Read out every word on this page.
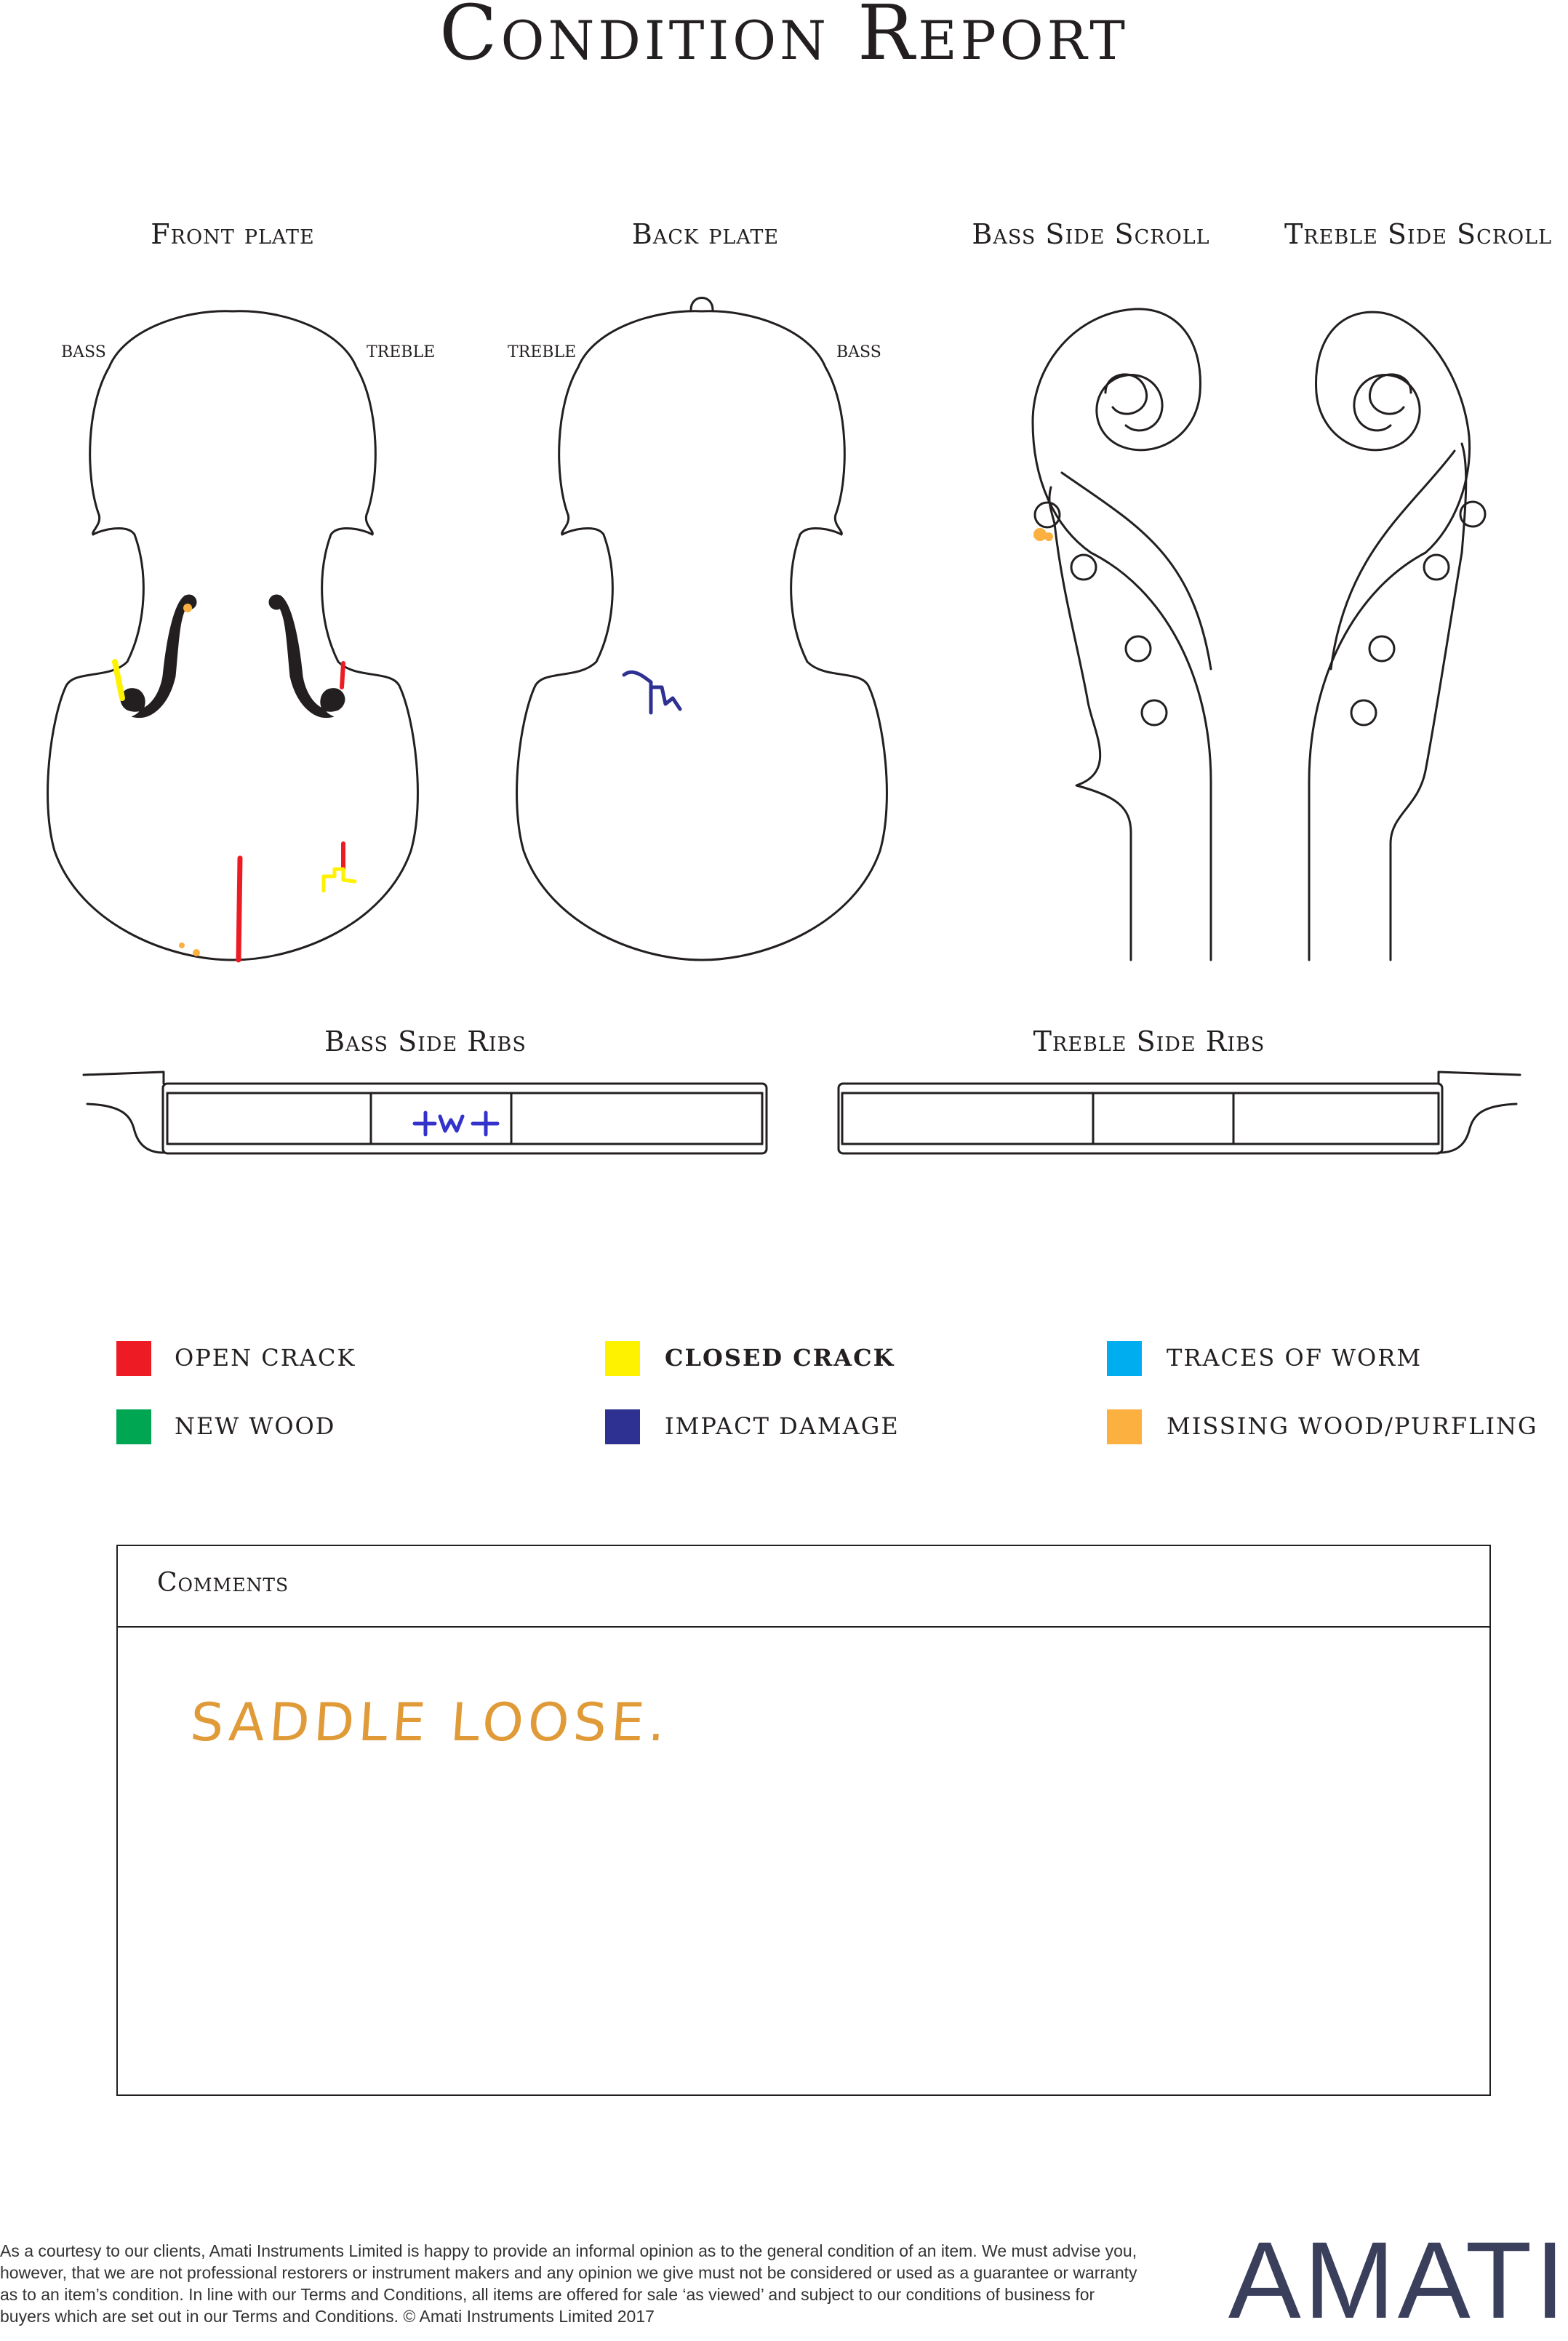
Condition Report
Front plate	Back plate	Bass Side Scroll	Treble Side Scroll
Bass Side Ribs	Treble Side Ribs
BASS	TREBLE	TREBLE	BASS
OPEN CRACK	CLOSED CRACK	TRACES OF WORM
NEW WOOD	IMPACT DAMAGE	MISSING WOOD/PURFLING
Comments
SADDLE LOOSE.
As a courtesy to our clients, Amati Instruments Limited is happy to provide an informal opinion as to the general condition of an item. We must advise you, however, that we are not professional restorers or instrument makers and any opinion we give must not be considered or used as a guarantee or warranty as to an item’s condition. In line with our Terms and Conditions, all items are offered for sale ‘as viewed’ and subject to our conditions of business for buyers which are set out in our Terms and Conditions. © Amati Instruments Limited 2017	AMATI
